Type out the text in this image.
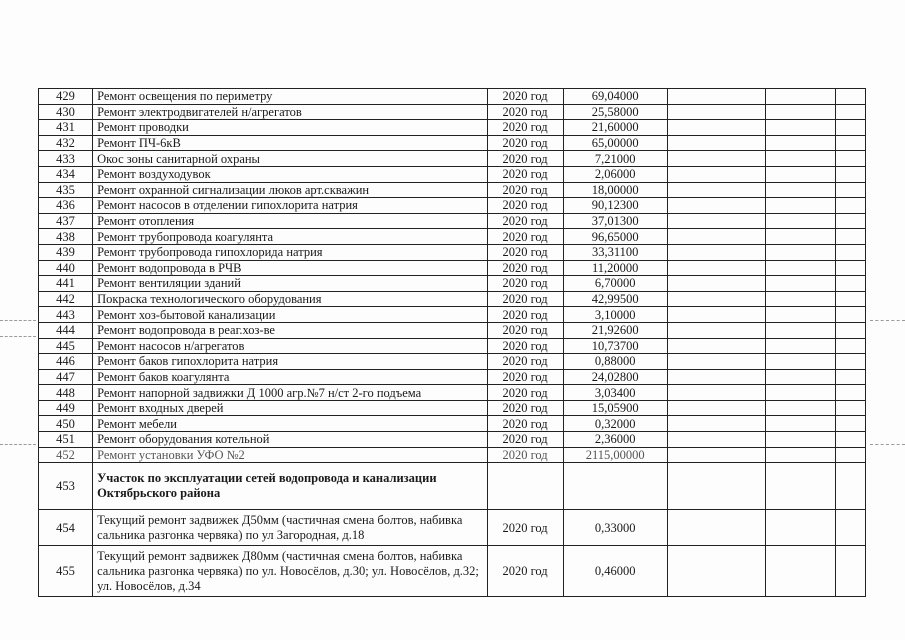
429	Ремонт освещения по периметру	2020 год	69,04000			
430	Ремонт электродвигателей н/агрегатов	2020 год	25,58000			
431	Ремонт проводки	2020 год	21,60000			
432	Ремонт ПЧ-6кВ	2020 год	65,00000			
433	Окос зоны санитарной охраны	2020 год	7,21000			
434	Ремонт воздуходувок	2020 год	2,06000			
435	Ремонт охранной сигнализации люков арт.скважин	2020 год	18,00000			
436	Ремонт насосов в отделении гипохлорита натрия	2020 год	90,12300			
437	Ремонт отопления	2020 год	37,01300			
438	Ремонт трубопровода коагулянта	2020 год	96,65000			
439	Ремонт трубопровода гипохлорида натрия	2020 год	33,31100			
440	Ремонт водопровода в РЧВ	2020 год	11,20000			
441	Ремонт вентиляции зданий	2020 год	6,70000			
442	Покраска технологического оборудования	2020 год	42,99500			
443	Ремонт хоз-бытовой канализации	2020 год	3,10000			
444	Ремонт водопровода в реаг.хоз-ве	2020 год	21,92600			
445	Ремонт насосов н/агрегатов	2020 год	10,73700			
446	Ремонт баков гипохлорита натрия	2020 год	0,88000			
447	Ремонт баков коагулянта	2020 год	24,02800			
448	Ремонт напорной задвижки Д 1000 агр.№7 н/ст 2-го подъема	2020 год	3,03400			
449	Ремонт входных дверей	2020 год	15,05900			
450	Ремонт мебели	2020 год	0,32000			
451	Ремонт оборудования котельной	2020 год	2,36000			
452	Ремонт установки УФО №2	2020 год	2115,00000			
453	Участок по эксплуатации сетей водопровода и канализации Октябрьского района					
454	Текущий ремонт задвижек Д50мм (частичная смена болтов, набивка сальника разгонка червяка) по ул Загородная, д.18	2020 год	0,33000			
455	Текущий ремонт задвижек Д80мм (частичная смена болтов, набивка сальника разгонка червяка) по ул. Новосёлов, д.30; ул. Новосёлов, д.32; ул. Новосёлов, д.34	2020 год	0,46000			
